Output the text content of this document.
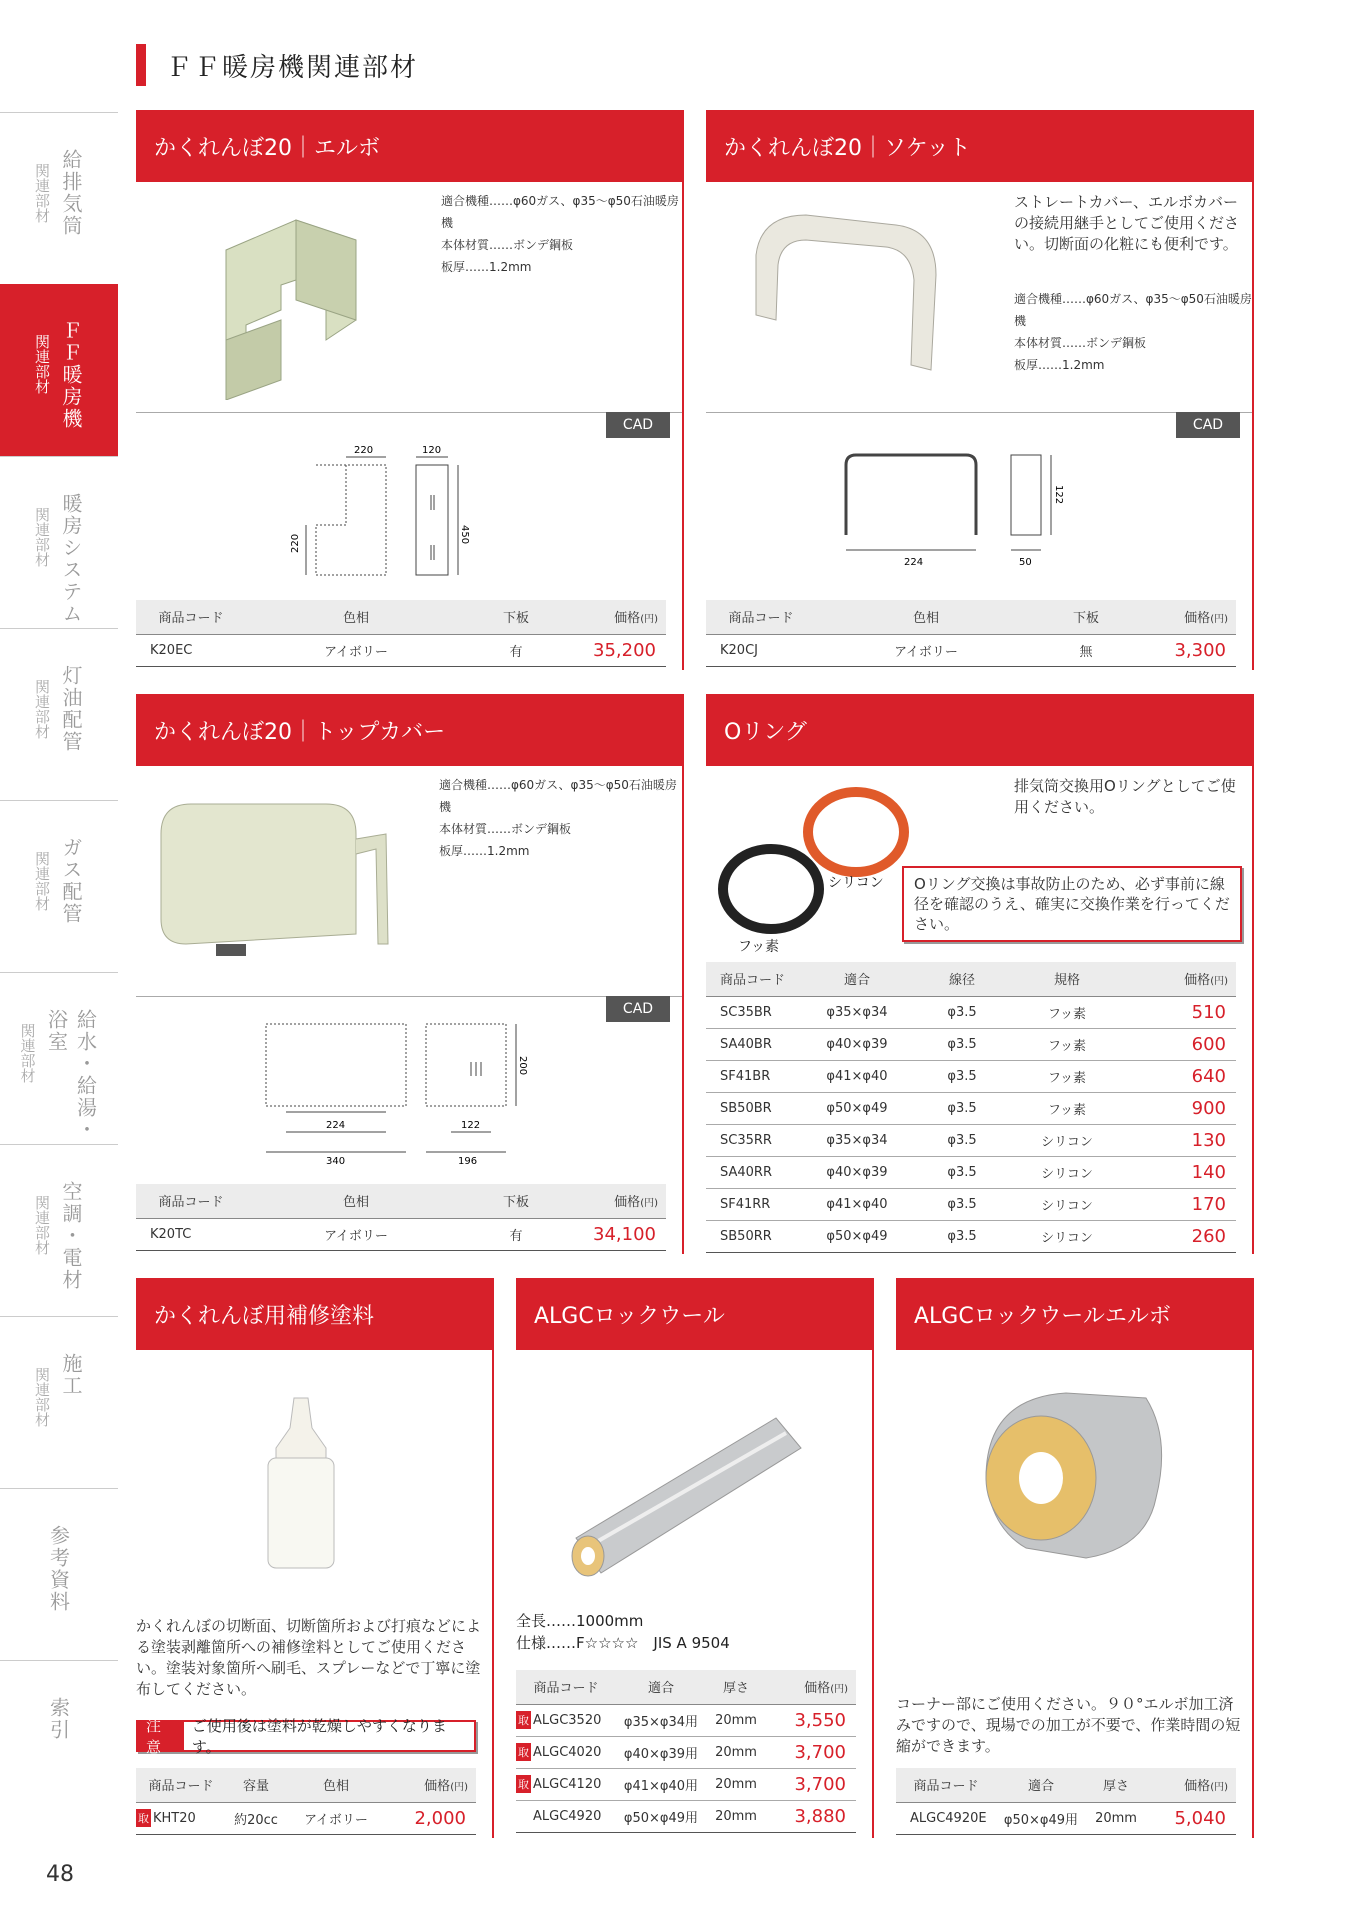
ＦＦ暖房機関連部材
給排気筒
関連部材
ＦＦ暖房機
関連部材
暖房システム
関連部材
灯油配管
関連部材
ガス配管
関連部材
給水・給湯・浴室
関連部材
空調・電材
関連部材
施工
関連部材
参考資料
索引
かくれんぼ20｜エルボ
適合機種……φ60ガス、φ35〜φ50石油暖房機
本体材質……ボンデ鋼板
板厚……1.2mm
CAD
220	120
450
220
商品コード	色相	下板	価格(円)
K20EC	アイボリー	有	35,200
かくれんぼ20｜ソケット
ストレートカバー、エルボカバーの接続用継手としてご使用ください。切断面の化粧にも便利です。
適合機種……φ60ガス、φ35〜φ50石油暖房機
本体材質……ボンデ鋼板
板厚……1.2mm
CAD
224
122
50
商品コード	色相	下板	価格(円)
K20CJ	アイボリー	無	3,300
かくれんぼ20｜トップカバー
適合機種……φ60ガス、φ35〜φ50石油暖房機
本体材質……ボンデ鋼板
板厚……1.2mm
CAD
224
340
122
196
200
商品コード	色相	下板	価格(円)
K20TC	アイボリー	有	34,100
Oリング
シリコン
フッ素
排気筒交換用Oリングとしてご使用ください。
Oリング交換は事故防止のため、必ず事前に線径を確認のうえ、確実に交換作業を行ってください。
商品コード	適合	線径	規格	価格(円)
SC35BR	φ35×φ34	φ3.5	フッ素	510
SA40BR	φ40×φ39	φ3.5	フッ素	600
SF41BR	φ41×φ40	φ3.5	フッ素	640
SB50BR	φ50×φ49	φ3.5	フッ素	900
SC35RR	φ35×φ34	φ3.5	シリコン	130
SA40RR	φ40×φ39	φ3.5	シリコン	140
SF41RR	φ41×φ40	φ3.5	シリコン	170
SB50RR	φ50×φ49	φ3.5	シリコン	260
かくれんぼ用補修塗料
かくれんぼの切断面、切断箇所および打痕などによる塗装剥離箇所への補修塗料としてご使用ください。塗装対象箇所へ刷毛、スプレーなどで丁寧に塗布してください。
注意
ご使用後は塗料が乾燥しやすくなります。
商品コード	容量	色相	価格(円)
取 KHT20	約20cc	アイボリー	2,000
ALGCロックウール
全長……1000mm
仕様……F☆☆☆☆　JIS A 9504
商品コード	適合	厚さ	価格(円)
取 ALGC3520	φ35×φ34用	20mm	3,550
取 ALGC4020	φ40×φ39用	20mm	3,700
取 ALGC4120	φ41×φ40用	20mm	3,700
ALGC4920	φ50×φ49用	20mm	3,880
ALGCロックウールエルボ
コーナー部にご使用ください。９０°エルボ加工済みですので、現場での加工が不要で、作業時間の短縮ができます。
商品コード	適合	厚さ	価格(円)
ALGC4920E	φ50×φ49用	20mm	5,040
48
